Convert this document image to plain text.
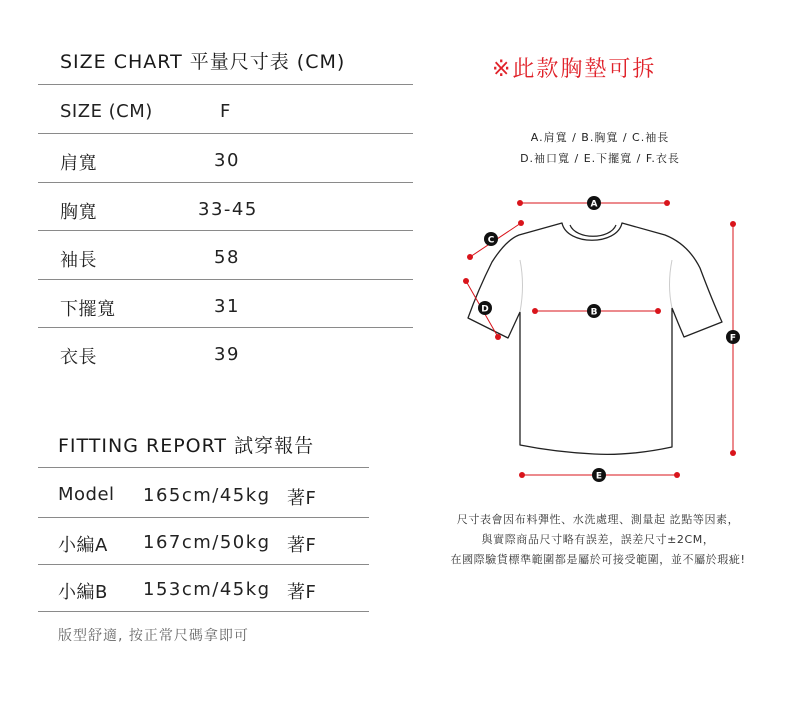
SIZE CHART 平量尺寸表 (CM)
SIZE (CM)	F
肩寬	30
胸寬	33-45
袖長	58
下擺寬	31
衣長	39
FITTING REPORT 試穿報告
Model 165cm/45kg 著F
小編A 167cm/50kg 著F
小編B 153cm/45kg 著F
版型舒適, 按正常尺碼拿即可
※此款胸墊可拆
A.肩寬 / B.胸寬 / C.袖長
D.袖口寬 / E.下擺寬 / F.衣長
A
B
C
D
E
F
尺寸表會因布料彈性、水洗處理、測量起 訖點等因素，
與實際商品尺寸略有誤差，誤差尺寸±2CM，
在國際驗貨標準範圍都是屬於可接受範圍，並不屬於瑕疵!
